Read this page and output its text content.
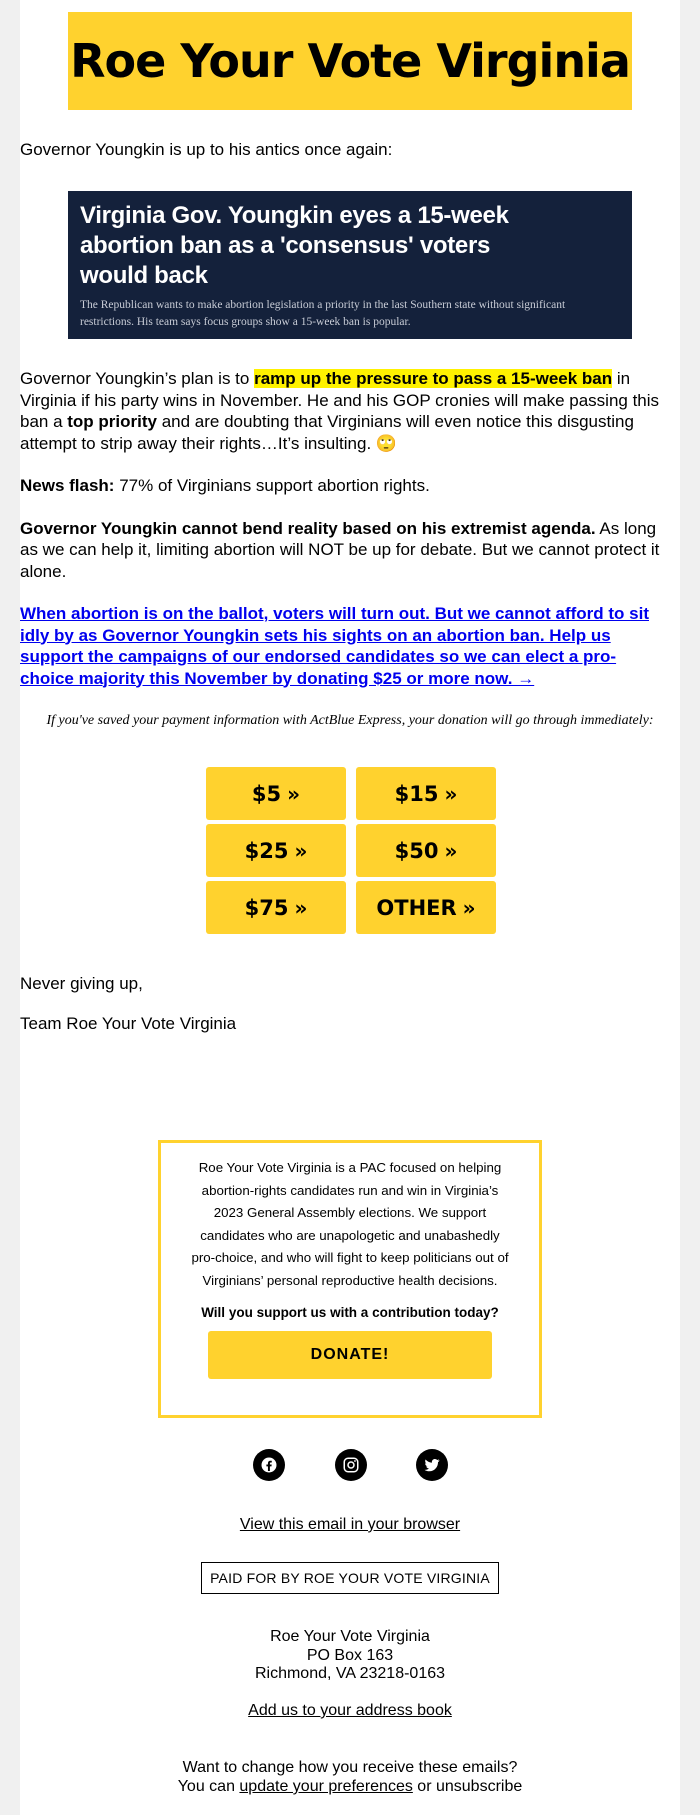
Roe Your Vote Virginia

Governor Youngkin is up to his antics once again:

Virginia Gov. Youngkin eyes a 15-week abortion ban as a 'consensus' voters would back
The Republican wants to make abortion legislation a priority in the last Southern state without significant restrictions. His team says focus groups show a 15-week ban is popular.

Governor Youngkin’s plan is to ramp up the pressure to pass a 15-week ban in Virginia if his party wins in November. He and his GOP cronies will make passing this ban a top priority and are doubting that Virginians will even notice this disgusting attempt to strip away their rights…It’s insulting. 🙄

News flash: 77% of Virginians support abortion rights.

Governor Youngkin cannot bend reality based on his extremist agenda. As long as we can help it, limiting abortion will NOT be up for debate. But we cannot protect it alone.

When abortion is on the ballot, voters will turn out. But we cannot afford to sit idly by as Governor Youngkin sets his sights on an abortion ban. Help us support the campaigns of our endorsed candidates so we can elect a pro-choice majority this November by donating $25 or more now. →

If you've saved your payment information with ActBlue Express, your donation will go through immediately:
$5 »	$15 »
$25 »	$50 »
$75 »	OTHER »

Never giving up,

Team Roe Your Vote Virginia

Roe Your Vote Virginia is a PAC focused on helping abortion-rights candidates run and win in Virginia’s 2023 General Assembly elections. We support candidates who are unapologetic and unabashedly pro-choice, and who will fight to keep politicians out of Virginians’ personal reproductive health decisions.

Will you support us with a contribution today?

DONATE!
View this email in your browser
PAID FOR BY ROE YOUR VOTE VIRGINIA
Roe Your Vote Virginia
PO Box 163
Richmond, VA 23218-0163
Add us to your address book
Want to change how you receive these emails?
You can update your preferences or unsubscribe
